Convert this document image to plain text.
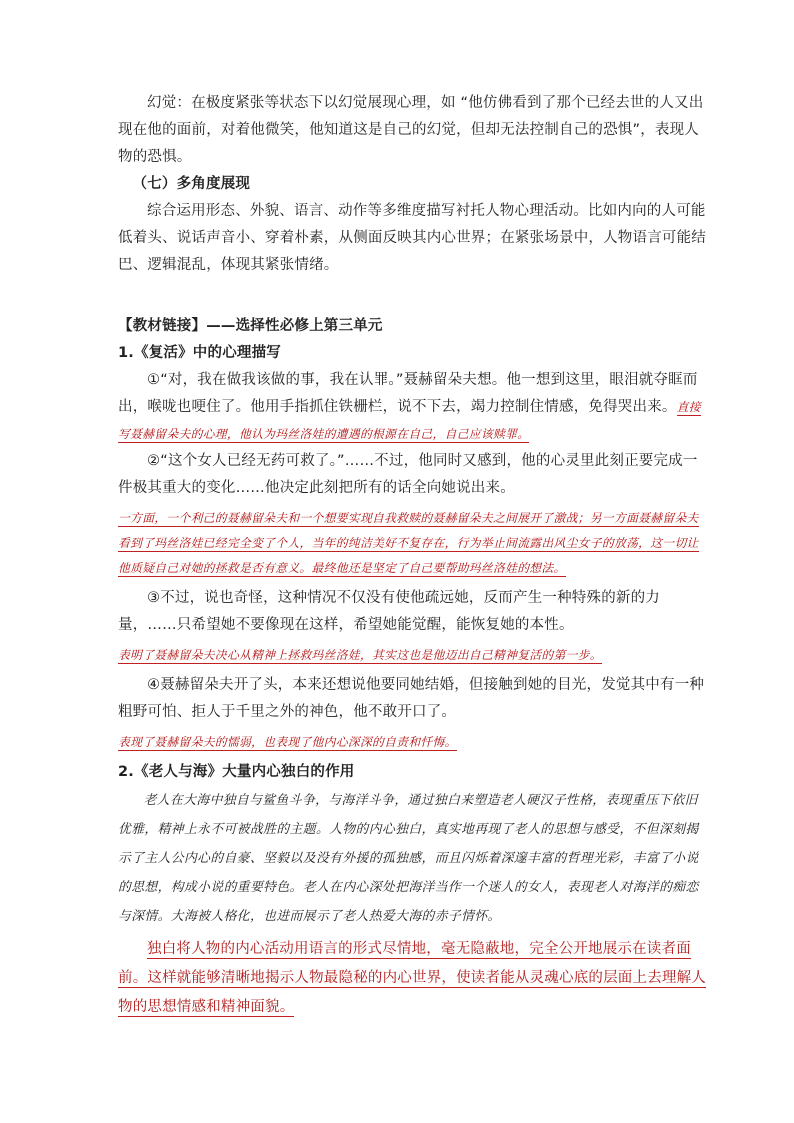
幻觉：在极度紧张等状态下以幻觉展现心理，如 “他仿佛看到了那个已经去世的人又出现在他的面前，对着他微笑，他知道这是自己的幻觉，但却无法控制自己的恐惧”，表现人物的恐惧。

（七）多角度展现

综合运用形态、外貌、语言、动作等多维度描写衬托人物心理活动。比如内向的人可能低着头、说话声音小、穿着朴素，从侧面反映其内心世界；在紧张场景中，人物语言可能结巴、逻辑混乱，体现其紧张情绪。

【教材链接】——选择性必修上第三单元

1.《复活》中的心理描写

①“对，我在做我该做的事，我在认罪。”聂赫留朵夫想。他一想到这里，眼泪就夺眶而出，喉咙也哽住了。他用手指抓住铁栅栏，说不下去，竭力控制住情感，免得哭出来。直接写聂赫留朵夫的心理，他认为玛丝洛娃的遭遇的根源在自己，自己应该赎罪。

②“这个女人已经无药可救了。”……不过，他同时又感到，他的心灵里此刻正要完成一件极其重大的变化……他决定此刻把所有的话全向她说出来。

一方面，一个利己的聂赫留朵夫和一个想要实现自我救赎的聂赫留朵夫之间展开了激战；另一方面聂赫留朵夫看到了玛丝洛娃已经完全变了个人，当年的纯洁美好不复存在，行为举止间流露出风尘女子的放荡，这一切让他质疑自己对她的拯救是否有意义。最终他还是坚定了自己要帮助玛丝洛娃的想法。

③不过，说也奇怪，这种情况不仅没有使他疏远她，反而产生一种特殊的新的力量，……只希望她不要像现在这样，希望她能觉醒，能恢复她的本性。

表明了聂赫留朵夫决心从精神上拯救玛丝洛娃，其实这也是他迈出自己精神复活的第一步。

④聂赫留朵夫开了头，本来还想说他要同她结婚，但接触到她的目光，发觉其中有一种粗野可怕、拒人于千里之外的神色，他不敢开口了。

表现了聂赫留朵夫的懦弱，也表现了他内心深深的自责和忏悔。

2.《老人与海》大量内心独白的作用

老人在大海中独自与鲨鱼斗争，与海洋斗争，通过独白来塑造老人硬汉子性格，表现重压下依旧优雅，精神上永不可被战胜的主题。人物的内心独白，真实地再现了老人的思想与感受，不但深刻揭示了主人公内心的自豪、坚毅以及没有外援的孤独感，而且闪烁着深邃丰富的哲理光彩，丰富了小说的思想，构成小说的重要特色。老人在内心深处把海洋当作一个迷人的女人，表现老人对海洋的痴恋与深情。大海被人格化，也进而展示了老人热爱大海的赤子情怀。

独白将人物的内心活动用语言的形式尽情地，毫无隐蔽地，完全公开地展示在读者面前。这样就能够清晰地揭示人物最隐秘的内心世界，使读者能从灵魂心底的层面上去理解人物的思想情感和精神面貌。
